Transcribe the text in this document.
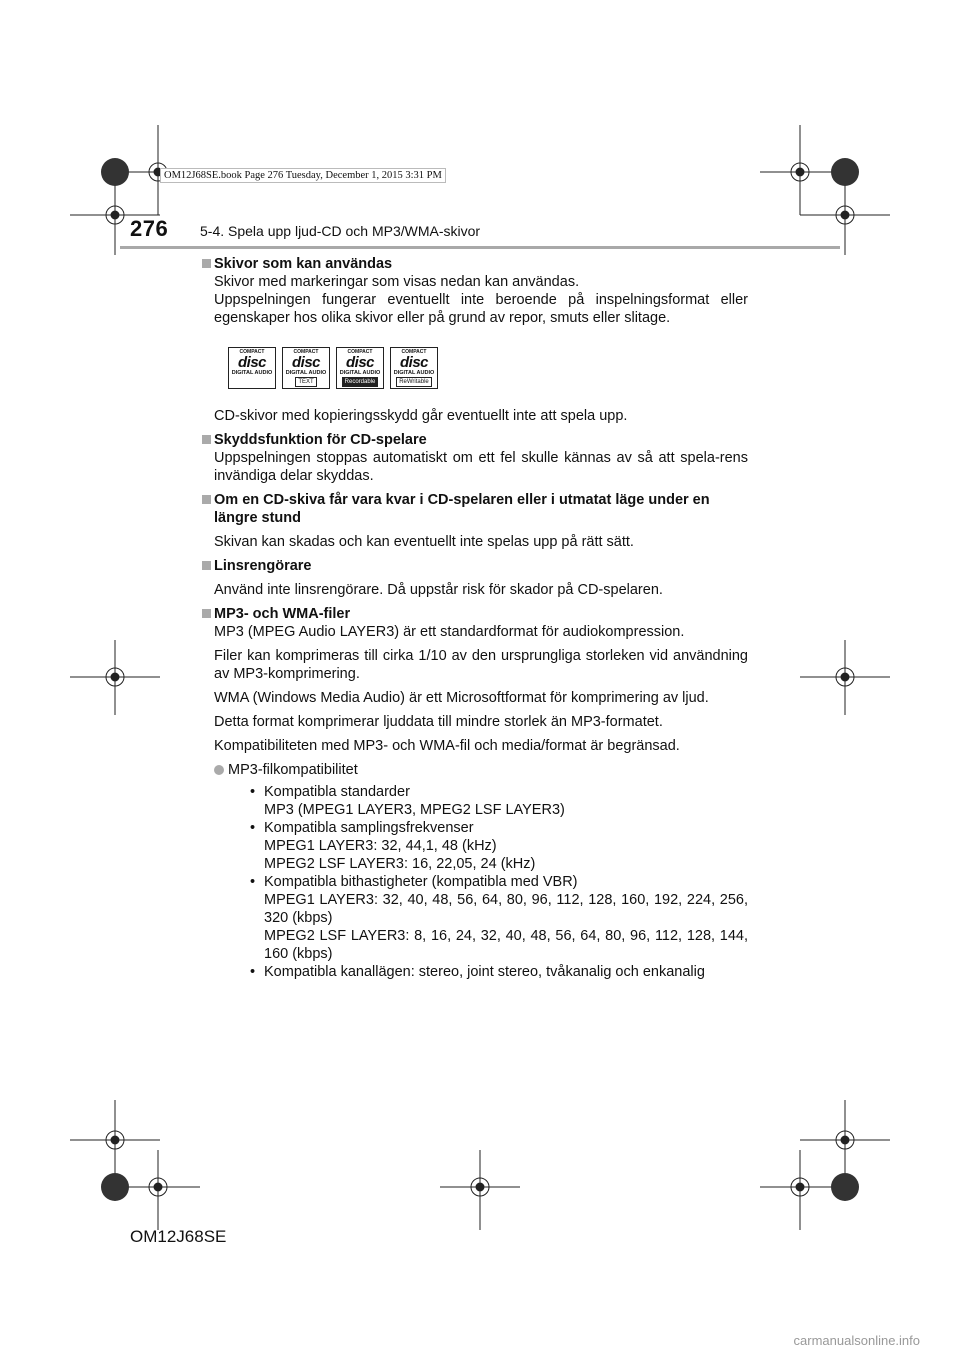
OM12J68SE.book Page 276 Tuesday, December 1, 2015 3:31 PM
276 5-4. Spela upp ljud-CD och MP3/WMA-skivor
Skivor som kan användas

Skivor med markeringar som visas nedan kan användas.

Uppspelningen fungerar eventuellt inte beroende på inspelningsformat eller egenskaper hos olika skivor eller på grund av repor, smuts eller slitage.

COMPACT
disc
DIGITAL AUDIO
COMPACT
disc
DIGITAL AUDIO
TEXT
COMPACT
disc
DIGITAL AUDIO
Recordable
COMPACT
disc
DIGITAL AUDIO
ReWritable

CD-skivor med kopieringsskydd går eventuellt inte att spela upp.

Skyddsfunktion för CD-spelare

Uppspelningen stoppas automatiskt om ett fel skulle kännas av så att spela-rens invändiga delar skyddas.

Om en CD-skiva får vara kvar i CD-spelaren eller i utmatat läge under en längre stund

Skivan kan skadas och kan eventuellt inte spelas upp på rätt sätt.

Linsrengörare

Använd inte linsrengörare. Då uppstår risk för skador på CD-spelaren.

MP3- och WMA-filer

MP3 (MPEG Audio LAYER3) är ett standardformat för audiokompression.

Filer kan komprimeras till cirka 1/10 av den ursprungliga storleken vid användning av MP3-komprimering.

WMA (Windows Media Audio) är ett Microsoftformat för komprimering av ljud.

Detta format komprimerar ljuddata till mindre storlek än MP3-formatet.

Kompatibiliteten med MP3- och WMA-fil och media/format är begränsad.

MP3-filkompatibilitet
• Kompatibla standarder
MP3 (MPEG1 LAYER3, MPEG2 LSF LAYER3)
• Kompatibla samplingsfrekvenser
MPEG1 LAYER3: 32, 44,1, 48 (kHz)
MPEG2 LSF LAYER3: 16, 22,05, 24 (kHz)
• Kompatibla bithastigheter (kompatibla med VBR)
MPEG1 LAYER3: 32, 40, 48, 56, 64, 80, 96, 112, 128, 160, 192, 224, 256, 320 (kbps)
MPEG2 LSF LAYER3: 8, 16, 24, 32, 40, 48, 56, 64, 80, 96, 112, 128, 144, 160 (kbps)
• Kompatibla kanallägen: stereo, joint stereo, tvåkanalig och enkanalig
OM12J68SE
carmanualsonline.info
